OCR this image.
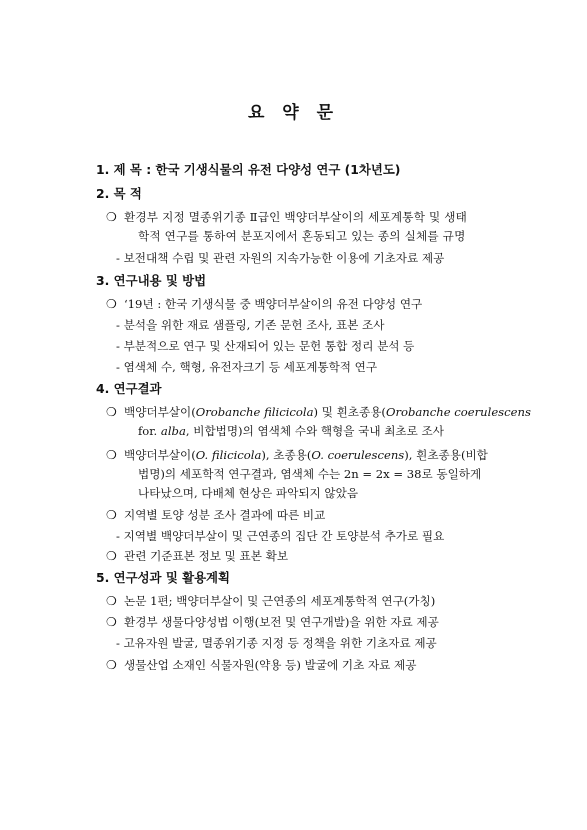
요 약 문
1. 제 목 : 한국 기생식물의 유전 다양성 연구 (1차년도)
2. 목 적
❍ 환경부 지정 멸종위기종 Ⅱ급인 백양더부살이의 세포계통학 및 생태
학적 연구를 통하여 분포지에서 혼동되고 있는 종의 실체를 규명
- 보전대책 수립 및 관련 자원의 지속가능한 이용에 기초자료 제공
3. 연구내용 및 방법
❍ ‘19년 : 한국 기생식물 중 백양더부살이의 유전 다양성 연구
- 분석을 위한 재료 샘플링, 기존 문헌 조사, 표본 조사
- 부분적으로 연구 및 산재되어 있는 문헌 통합 정리 분석 등
- 염색체 수, 핵형, 유전자크기 등 세포계통학적 연구
4. 연구결과
❍ 백양더부살이(Orobanche filicicola) 및 흰초종용(Orobanche coerulescens
for. alba, 비합법명)의 염색체 수와 핵형을 국내 최초로 조사
❍ 백양더부살이(O. filicicola), 초종용(O. coerulescens), 흰초종용(비합
법명)의 세포학적 연구결과, 염색체 수는 2n = 2x = 38로 동일하게
나타났으며, 다배체 현상은 파악되지 않았음
❍ 지역별 토양 성분 조사 결과에 따른 비교
- 지역별 백양더부살이 및 근연종의 집단 간 토양분석 추가로 필요
❍ 관련 기준표본 정보 및 표본 확보
5. 연구성과 및 활용계획
❍ 논문 1편; 백양더부살이 및 근연종의 세포계통학적 연구(가칭)
❍ 환경부 생물다양성법 이행(보전 및 연구개발)을 위한 자료 제공
- 고유자원 발굴, 멸종위기종 지정 등 정책을 위한 기초자료 제공
❍ 생물산업 소재인 식물자원(약용 등) 발굴에 기초 자료 제공
